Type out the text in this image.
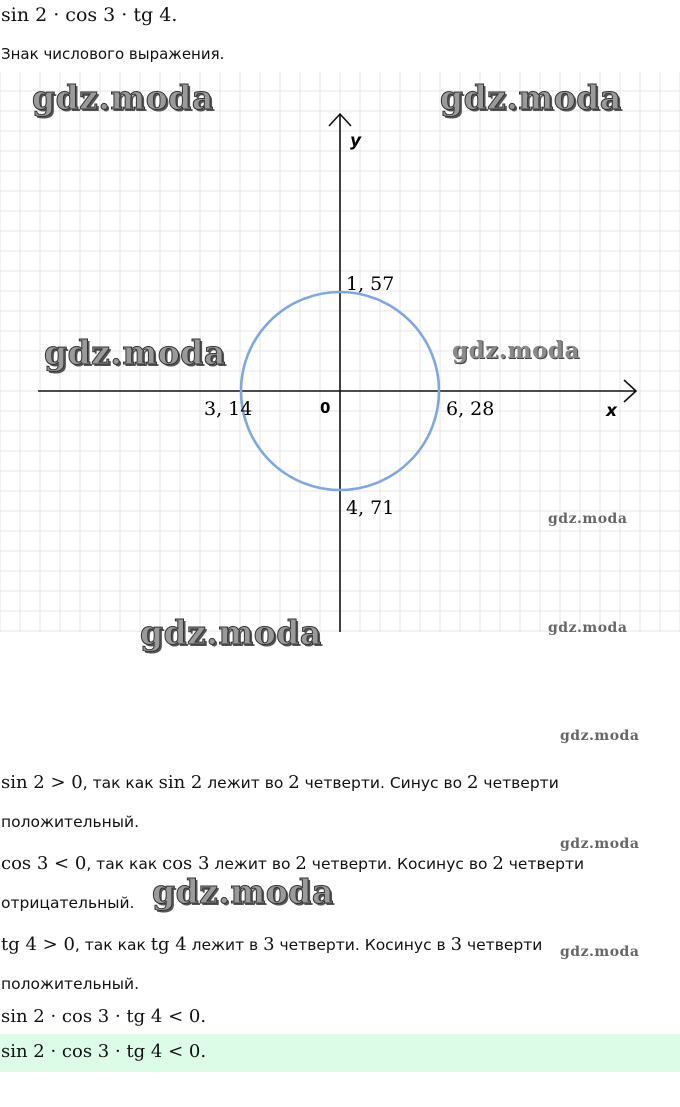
sin 2 · cos 3 · tg 4.
Знак числового выражения.
y
x
0
1, 57
3, 14	6, 28
4, 71
gdz.moda	gdz.moda
gdz.moda	gdz.moda
gdz.moda
gdz.moda	gdz.moda
gdz.moda
gdz.moda
gdz.moda
gdz.moda
sin 2 > 0, так как sin 2 лежит во 2 четверти. Синус во 2 четверти
положительный.
cos 3 < 0, так как cos 3 лежит во 2 четверти. Косинус во 2 четверти
отрицательный.
tg 4 > 0, так как tg 4 лежит в 3 четверти. Косинус в 3 четверти
положительный.
sin 2 · cos 3 · tg 4 < 0.
sin 2 · cos 3 · tg 4 < 0.
